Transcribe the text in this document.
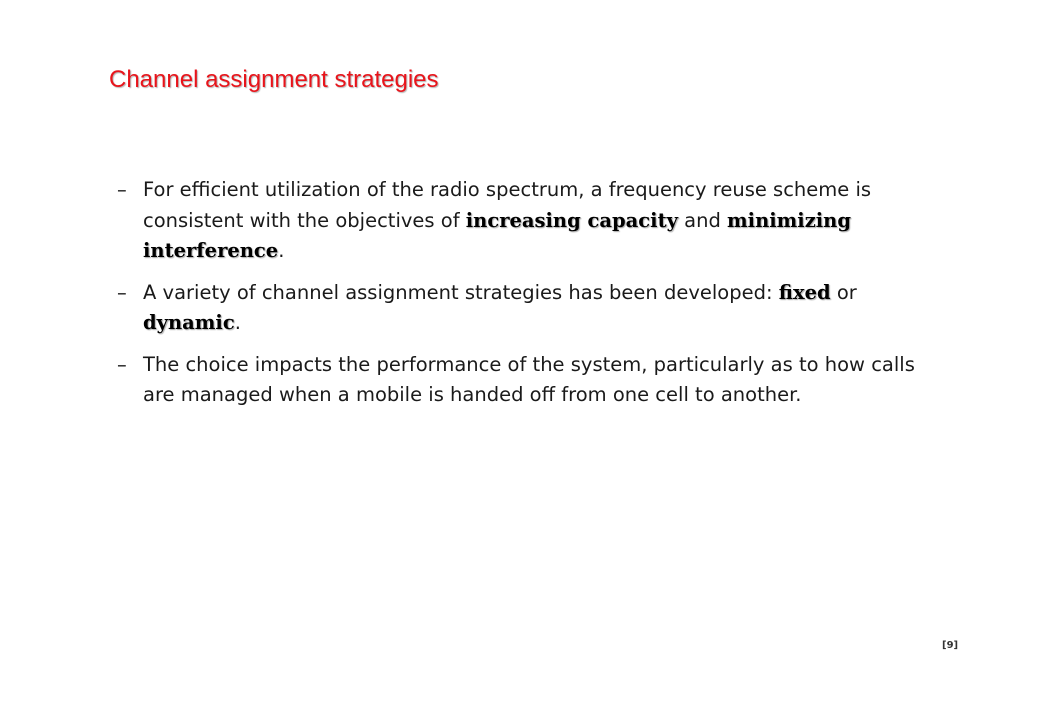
Channel assignment strategies
– For efficient utilization of the radio spectrum, a frequency reuse scheme is consistent with the objectives of increasing capacity and minimizing interference.
– A variety of channel assignment strategies has been developed: fixed or dynamic.
– The choice impacts the performance of the system, particularly as to how calls are managed when a mobile is handed off from one cell to another.
[9]
